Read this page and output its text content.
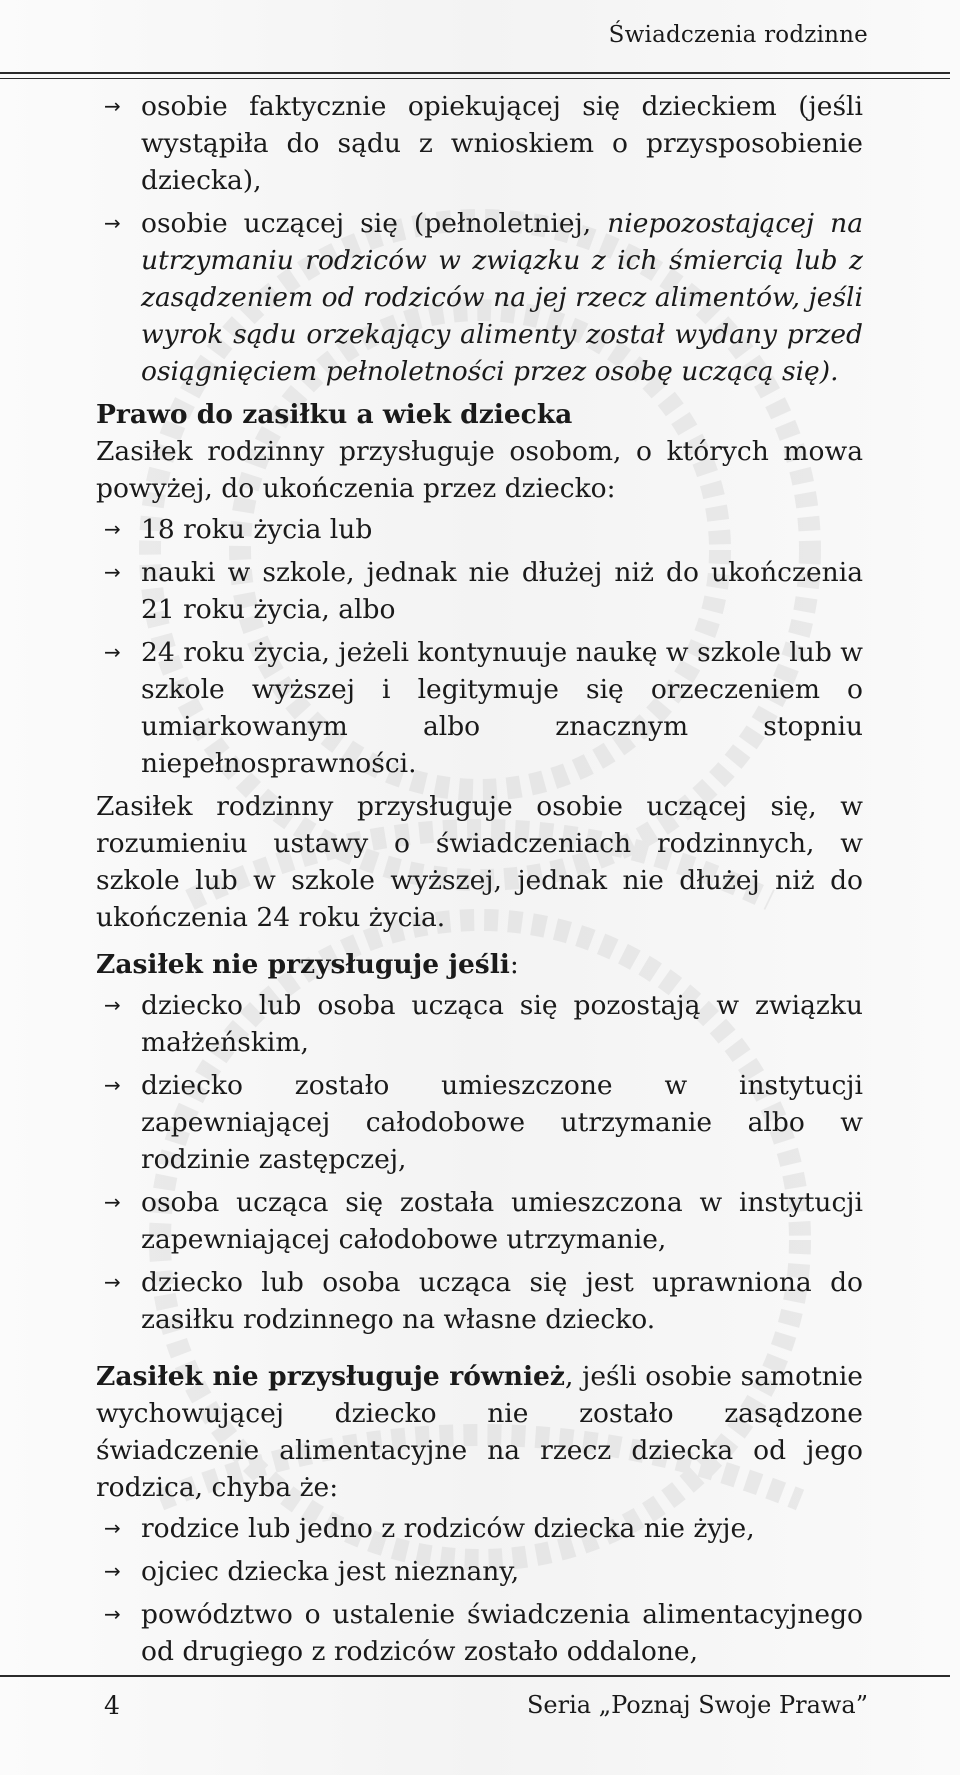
Świadczenia rodzinne
→ osobie faktycznie opiekującej się dzieckiem (jeśli wystąpiła do sądu z wnioskiem o przysposobienie dziecka),
→ osobie uczącej się (pełnoletniej, niepozostającej na utrzymaniu rodziców w związku z ich śmiercią lub z zasądzeniem od rodziców na jej rzecz alimentów, jeśli wyrok sądu orzekający alimenty został wydany przed osiągnięciem pełnoletności przez osobę uczącą się).

Prawo do zasiłku a wiek dziecka

Zasiłek rodzinny przysługuje osobom, o których mowa powyżej, do ukończenia przez dziecko:

→ 18 roku życia lub
→ nauki w szkole, jednak nie dłużej niż do ukończenia 21 roku życia, albo
→ 24 roku życia, jeżeli kontynuuje naukę w szkole lub w szkole wyższej i legitymuje się orzeczeniem o umiarkowanym albo znacznym stopniu niepełnosprawności.

Zasiłek rodzinny przysługuje osobie uczącej się, w rozumieniu ustawy o świadczeniach rodzinnych, w szkole lub w szkole wyższej, jednak nie dłużej niż do ukończenia 24 roku życia.

Zasiłek nie przysługuje jeśli:

→ dziecko lub osoba ucząca się pozostają w związku małżeńskim,
→ dziecko zostało umieszczone w instytucji zapewniającej całodobowe utrzymanie albo w rodzinie zastępczej,
→ osoba ucząca się została umieszczona w instytucji zapewniającej całodobowe utrzymanie,
→ dziecko lub osoba ucząca się jest uprawniona do zasiłku rodzinnego na własne dziecko.

Zasiłek nie przysługuje również, jeśli osobie samotnie wychowującej dziecko nie zostało zasądzone świadczenie alimentacyjne na rzecz dziecka od jego rodzica, chyba że:

→ rodzice lub jedno z rodziców dziecka nie żyje,
→ ojciec dziecka jest nieznany,
→ powództwo o ustalenie świadczenia alimentacyjnego od drugiego z rodziców zostało oddalone,
4	Seria „Poznaj Swoje Prawa”
